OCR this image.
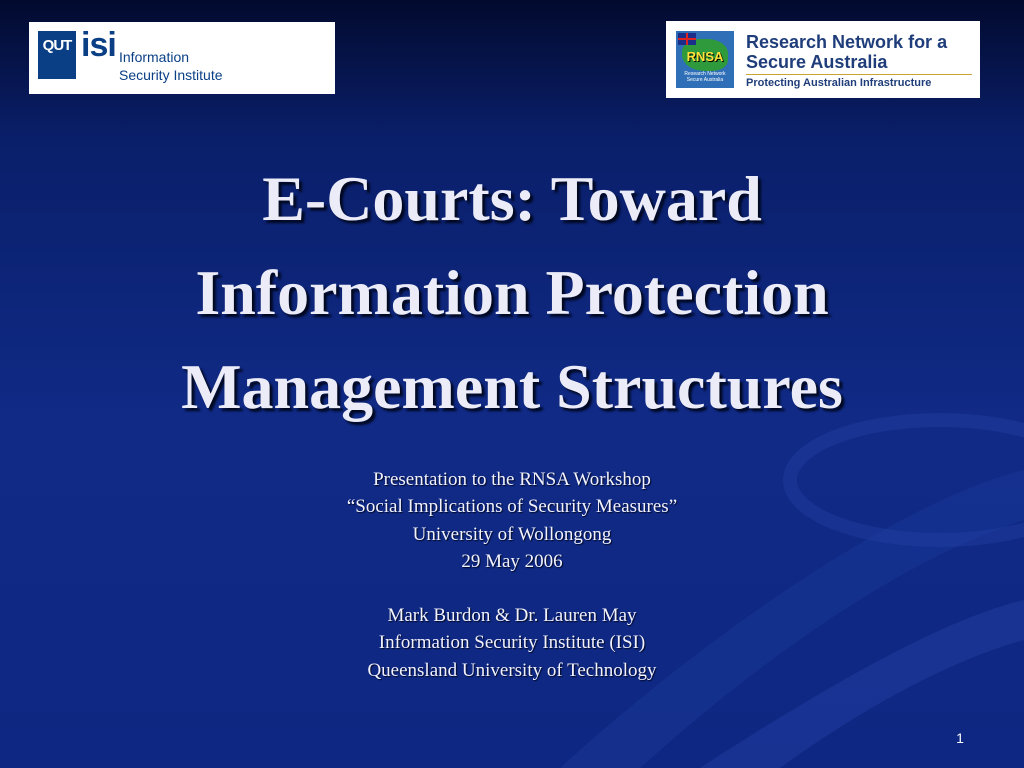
QUT isi Information
Security Institute
RNSA
Research Network
Secure Australia
Research Network for a
Secure Australia
Protecting Australian Infrastructure
E-Courts: Toward
Information Protection
Management Structures
Presentation to the RNSA Workshop
“Social Implications of Security Measures”
University of Wollongong
29 May 2006
Mark Burdon & Dr. Lauren May
Information Security Institute (ISI)
Queensland University of Technology
1
